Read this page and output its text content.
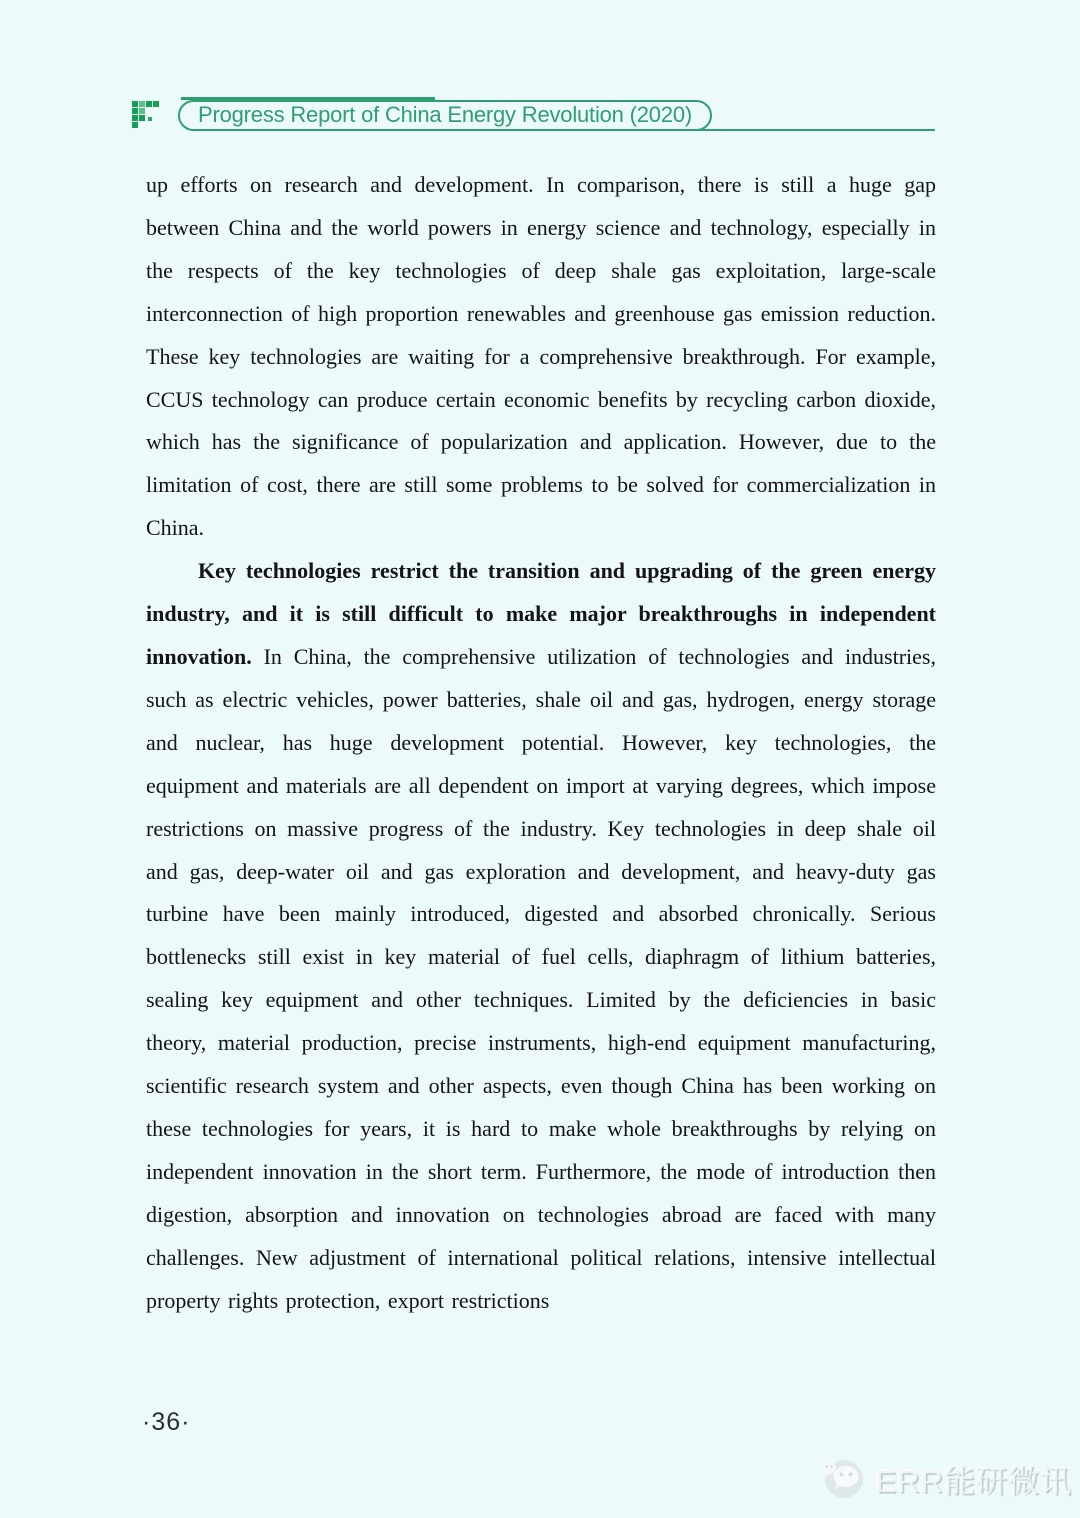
Progress Report of China Energy Revolution (2020)

up efforts on research and development. In comparison, there is still a huge gap between China and the world powers in energy science and technology, especially in the respects of the key technologies of deep shale gas exploitation, large-scale interconnection of high proportion renewables and greenhouse gas emission reduction. These key technologies are waiting for a comprehensive breakthrough. For example, CCUS technology can produce certain economic benefits by recycling carbon dioxide, which has the significance of popularization and application. However, due to the limitation of cost, there are still some problems to be solved for commercialization in China.

Key technologies restrict the transition and upgrading of the green energy industry, and it is still difficult to make major breakthroughs in independent innovation. In China, the comprehensive utilization of technologies and industries, such as electric vehicles, power batteries, shale oil and gas, hydrogen, energy storage and nuclear, has huge development potential. However, key technologies, the equipment and materials are all dependent on import at varying degrees, which impose restrictions on massive progress of the industry. Key technologies in deep shale oil and gas, deep-water oil and gas exploration and development, and heavy-duty gas turbine have been mainly introduced, digested and absorbed chronically. Serious bottlenecks still exist in key material of fuel cells, diaphragm of lithium batteries, sealing key equipment and other techniques. Limited by the deficiencies in basic theory, material production, precise instruments, high-end equipment manufacturing, scientific research system and other aspects, even though China has been working on these technologies for years, it is hard to make whole breakthroughs by relying on independent innovation in the short term. Furthermore, the mode of introduction then digestion, absorption and innovation on technologies abroad are faced with many challenges. New adjustment of international political relations, intensive intellectual property rights protection, export restrictions

·36·
ERR能研微讯
